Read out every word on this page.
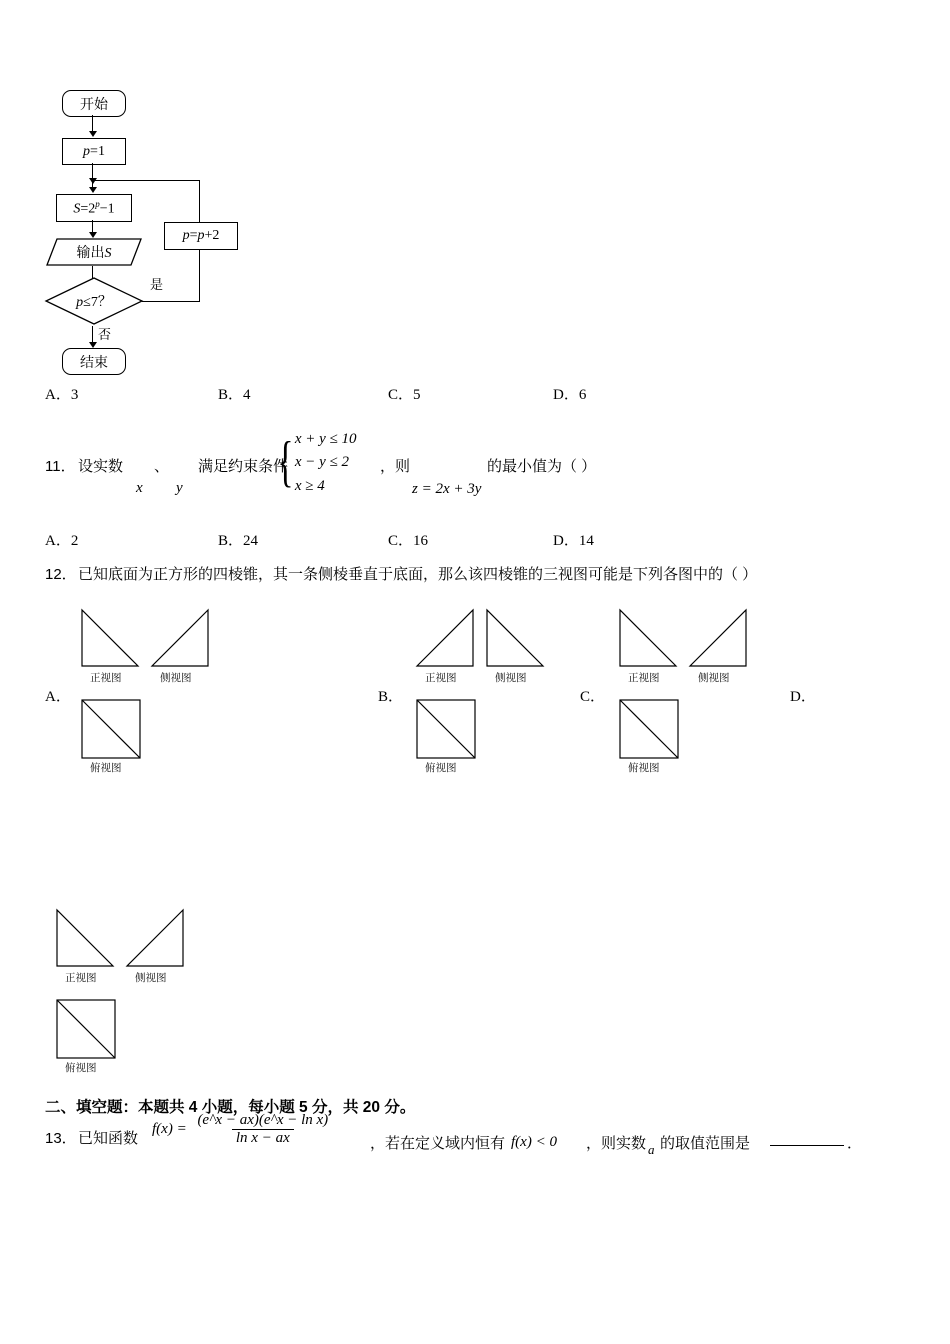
开始
p=1
$S=2^p-1$
输出S
p≤7？
是
p=p+2
否
结束
A．3	B．4	C．5	D．6
11． 设实数
x
、
y
满足约束条件
{ x + y ≤ 10
x − y ≤ 2
x ≥ 4
，则
z = 2x + 3y
的最小值为（ ）
A．2	B．24	C．16	D．14
12． 已知底面为正方形的四棱锥，其一条侧棱垂直于底面，那么该四棱锥的三视图可能是下列各图中的（ ）
正视图	侧视图
俯视图
A．
正视图	侧视图
俯视图
B．
正视图	侧视图
俯视图
C．	D．
正视图	侧视图
俯视图
二、填空题：本题共 4 小题，每小题 5 分，共 20 分。
13． 已知函数
$f(x) = \frac{\text{(e\textasciicircum{}x − ax)(e\textasciicircum{}x − ln x)}}{\text{ln x − ax}}$	，若在定义域内恒有 f(x) < 0 ，则实数 a 的取值范围是	．
